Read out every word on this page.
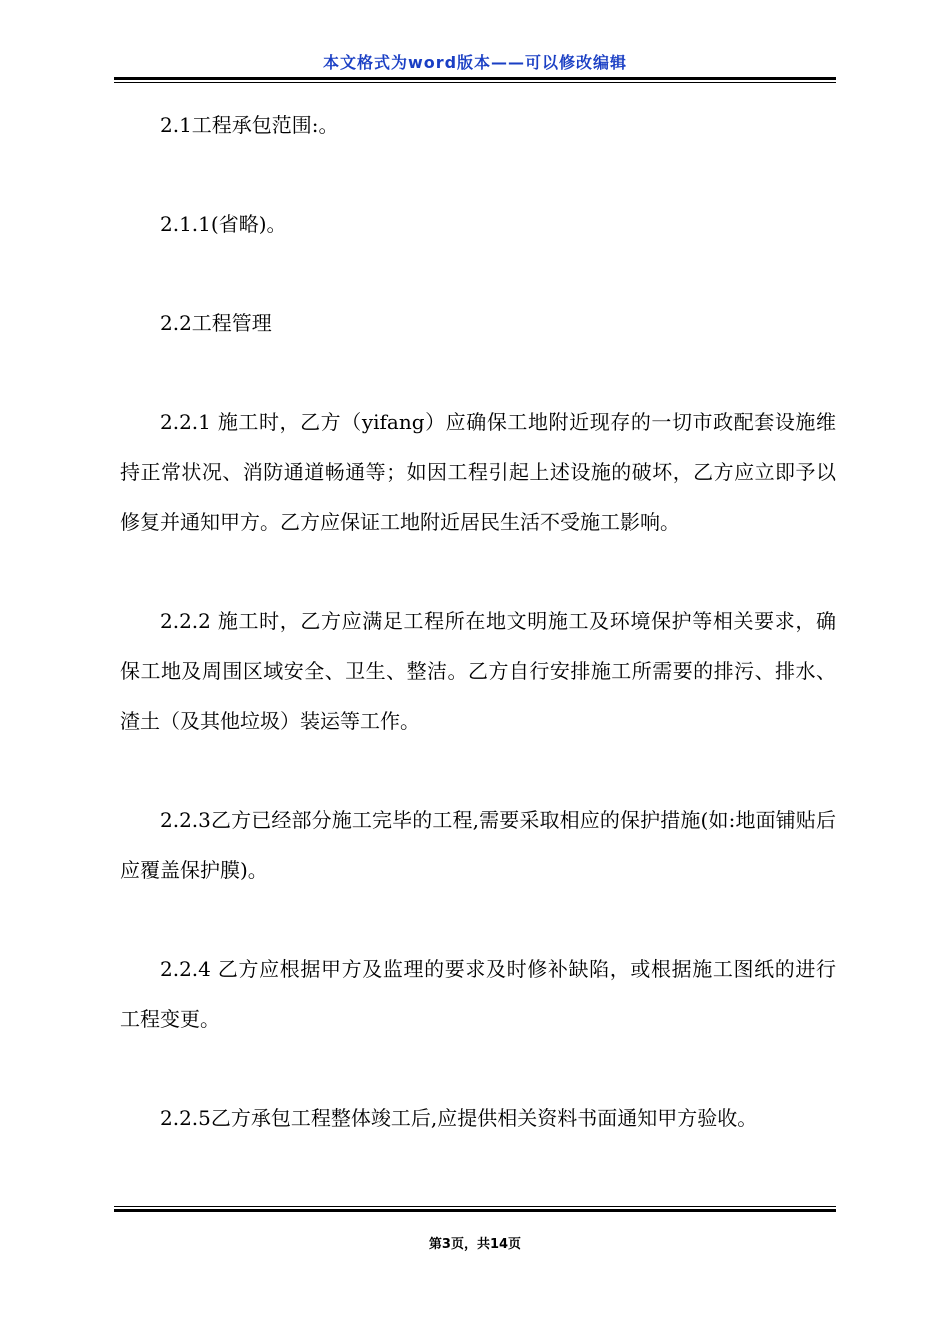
本文格式为word版本——可以修改编辑

2.1工程承包范围:。

2.1.1(省略)。

2.2工程管理

2.2.1 施工时，乙方（yifang）应确保工地附近现存的一切市政配套设施维持正常状况、消防通道畅通等；如因工程引起上述设施的破坏，乙方应立即予以修复并通知甲方。乙方应保证工地附近居民生活不受施工影响。

2.2.2 施工时，乙方应满足工程所在地文明施工及环境保护等相关要求，确保工地及周围区域安全、卫生、整洁。乙方自行安排施工所需要的排污、排水、渣土（及其他垃圾）装运等工作。

2.2.3乙方已经部分施工完毕的工程,需要采取相应的保护措施(如:地面铺贴后应覆盖保护膜)。

2.2.4 乙方应根据甲方及监理的要求及时修补缺陷，或根据施工图纸的进行工程变更。

2.2.5乙方承包工程整体竣工后,应提供相关资料书面通知甲方验收。

第3页，共14页
